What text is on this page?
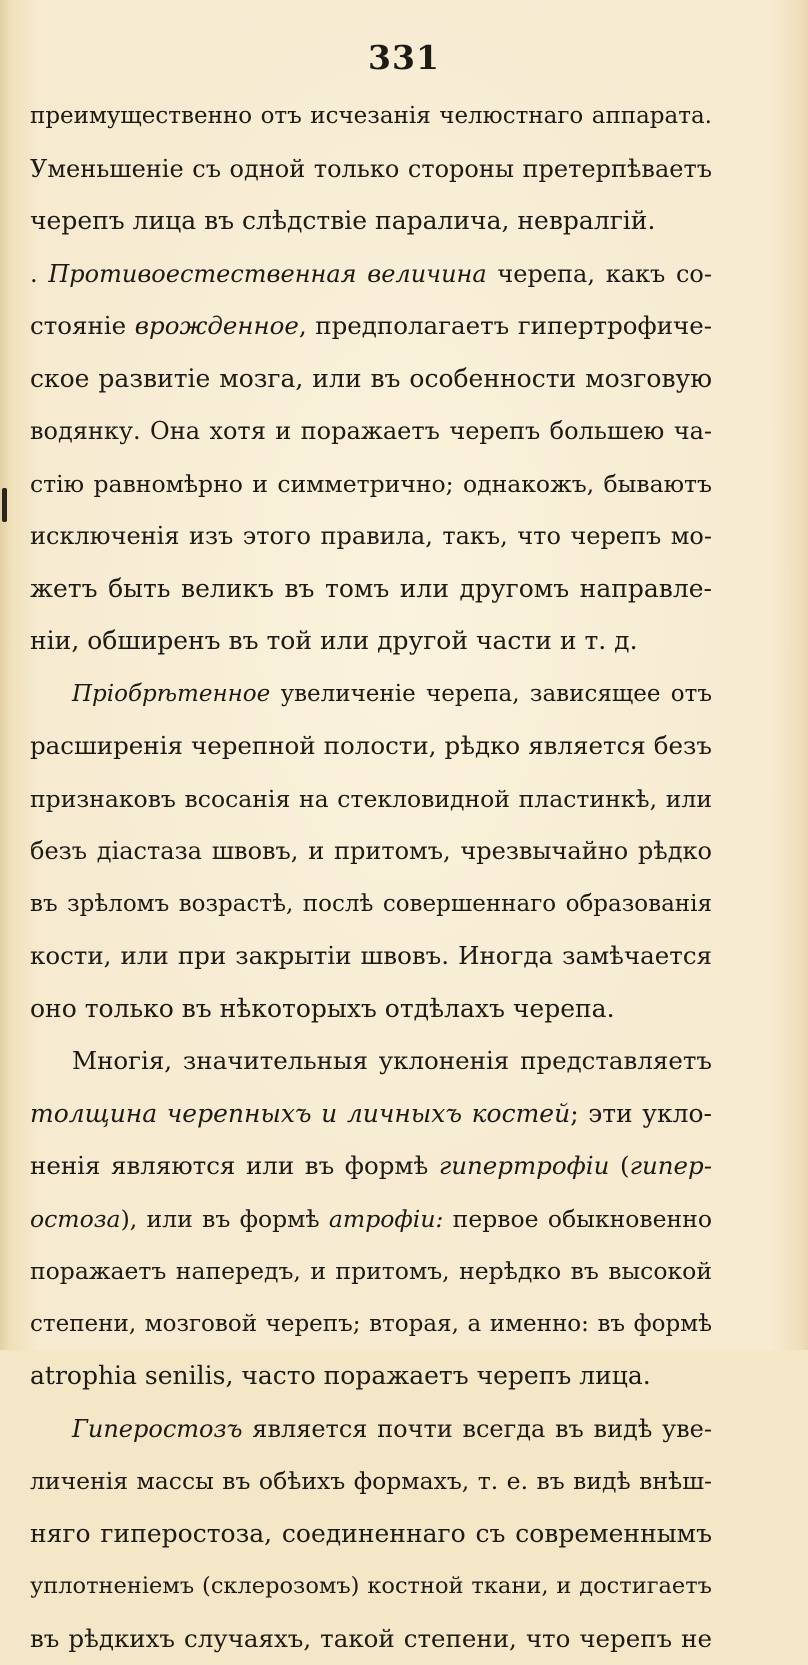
331
преимущественно отъ исчезанія челюстнаго аппарата.
Уменьшеніе съ одной только стороны претерпѣваетъ
черепъ лица въ слѣдствіе паралича, невралгій.
. Противоестественная величина черепа, какъ со-
стояніе врожденное, предполагаетъ гипертрофиче-
ское развитіе мозга, или въ особенности мозговую
водянку. Она хотя и поражаетъ черепъ большею ча-
стію равномѣрно и симметрично; однакожъ, бываютъ
исключенія изъ этого правила, такъ, что черепъ мо-
жетъ быть великъ въ томъ или другомъ направле-
ніи, обширенъ въ той или другой части и т. д.
Пріобрѣтенное увеличеніе черепа, зависящее отъ
расширенія черепной полости, рѣдко является безъ
признаковъ всосанія на стекловидной пластинкѣ, или
безъ діастаза швовъ, и притомъ, чрезвычайно рѣдко
въ зрѣломъ возрастѣ, послѣ совершеннаго образованія
кости, или при закрытіи швовъ. Иногда замѣчается
оно только въ нѣкоторыхъ отдѣлахъ черепа.
Многія, значительныя уклоненія представляетъ
толщина черепныхъ и личныхъ костей; эти укло-
ненія являются или въ формѣ гипертрофіи (гипер-
остоза), или въ формѣ атрофіи: первое обыкновенно
поражаетъ напередъ, и притомъ, нерѣдко въ высокой
степени, мозговой черепъ; вторая, а именно: въ формѣ
atrophia senilis, часто поражаетъ черепъ лица.
Гиперостозъ является почти всегда въ видѣ уве-
личенія массы въ обѣихъ формахъ, т. е. въ видѣ внѣш-
няго гиперостоза, соединеннаго съ современнымъ
уплотненіемъ (склерозомъ) костной ткани, и достигаетъ
въ рѣдкихъ случаяхъ, такой степени, что черепъ не
